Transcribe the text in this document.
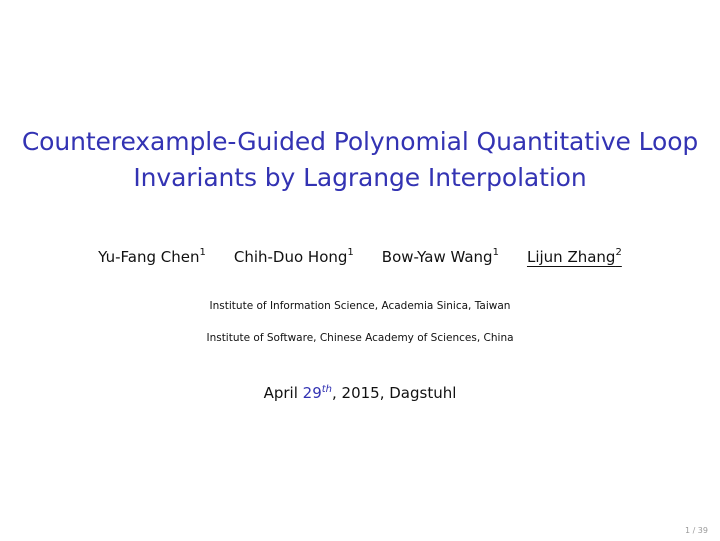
Counterexample-Guided Polynomial Quantitative Loop
Invariants by Lagrange Interpolation
Yu-Fang Chen$^1$ Chih-Duo Hong$^1$ Bow-Yaw Wang$^1$ Lijun Zhang$^2$
Institute of Information Science, Academia Sinica, Taiwan
Institute of Software, Chinese Academy of Sciences, China
April 29th, 2015, Dagstuhl
1 / 39
